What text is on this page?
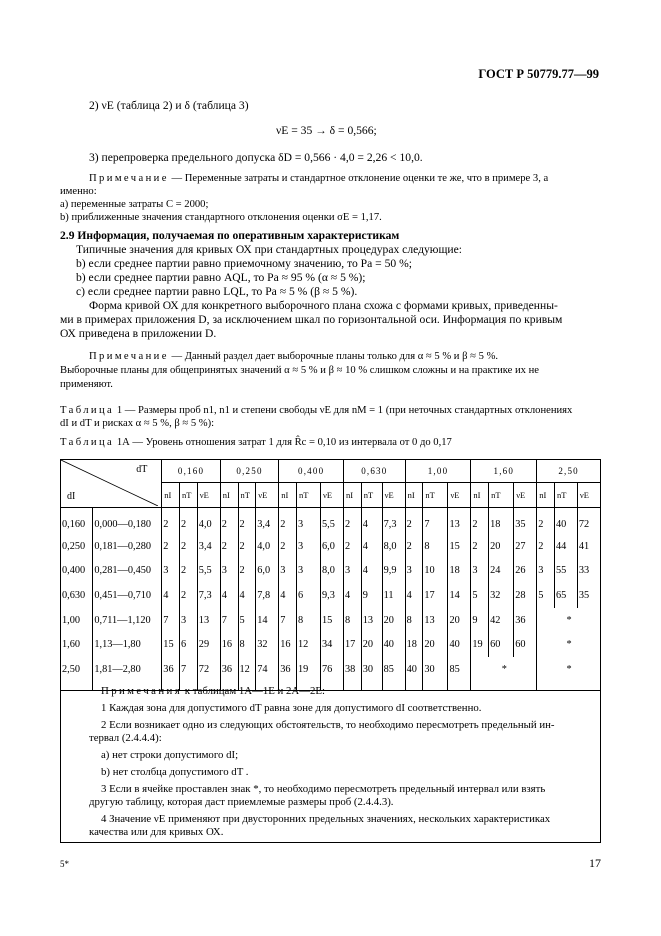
ГОСТ Р 50779.77—99
2) νE (таблица 2) и δ (таблица 3)
νE = 35 → δ = 0,566;
3) перепроверка предельного допуска δD = 0,566 · 4,0 = 2,26 < 10,0.
Примечание — Переменные затраты и стандартное отклонение оценки те же, что в примере 3, а
именно:
a) переменные затраты C = 2000;
b) приближенные значения стандартного отклонения оценки σE = 1,17.
2.9 Информация, получаемая по оперативным характеристикам
Типичные значения для кривых ОХ при стандартных процедурах следующие:
b) если среднее партии равно приемочному значению, то Pa = 50 %;
b) если среднее партии равно AQL, то Pa ≈ 95 % (α ≈ 5 %);
c) если среднее партии равно LQL, то Pa ≈ 5 % (β ≈ 5 %).
Форма кривой ОХ для конкретного выборочного плана схожа с формами кривых, приведенны-
ми в примерах приложения D, за исключением шкал по горизонтальной оси. Информация по кривым
ОХ приведена в приложении D.
Примечание — Данный раздел дает выборочные планы только для α ≈ 5 % и β ≈ 5 %.
Выборочные планы для общепринятых значений α ≈ 5 % и β ≈ 10 % слишком сложны и на практике их не
применяют.
Таблица 1 — Размеры проб n1, n1 и степени свободы νE для nM = 1 (при неточных стандартных отклонениях
dI и dT и рисках α ≈ 5 %, β ≈ 5 %):
Таблица 1А — Уровень отношения затрат 1 для R̂c = 0,10 из интервала от 0 до 0,17
dT
dI		0,160			0,250			0,400			0,630			1,00			1,60			2,50		
		nI	nT	νE	nI	nT	νE	nI	nT	νE	nI	nT	νE	nI	nT	νE	nI	nT	νE	nI	nT	νE
0,160	0,000—0,180	2	2	4,0	2	2	3,4	2	3	5,5	2	4	7,3	2	7	13	2	18	35	2	40	72
0,250	0,181—0,280	2	2	3,4	2	2	4,0	2	3	6,0	2	4	8,0	2	8	15	2	20	27	2	44	41
0,400	0,281—0,450	3	2	5,5	3	2	6,0	3	3	8,0	3	4	9,9	3	10	18	3	24	26	3	55	33
0,630	0,451—0,710	4	2	7,3	4	4	7,8	4	6	9,3	4	9	11	4	17	14	5	32	28	5	65	35
1,00	0,711—1,120	7	3	13	7	5	14	7	8	15	8	13	20	8	13	20	9	42	36	*		
1,60	1,13—1,80	15	6	29	16	8	32	16	12	34	17	20	40	18	20	40	19	60	60	*		
2,50	1,81—2,80	36	7	72	36	12	74	36	19	76	38	30	85	40	30	85	*			*		
Примечания к таблицам 1А—1Е и 2А—2Е:
1 Каждая зона для допустимого dT равна зоне для допустимого dI соответственно.
2 Если возникает одно из следующих обстоятельств, то необходимо пересмотреть предельный ин-
тервал (2.4.4.4):
a) нет строки допустимого dI;
b) нет столбца допустимого dT .
3 Если в ячейке проставлен знак *, то необходимо пересмотреть предельный интервал или взять
другую таблицу, которая даст приемлемые размеры проб (2.4.4.3).
4 Значение νE применяют при двусторонних предельных значениях, нескольких характеристиках
качества или для кривых ОХ.
5*	17
